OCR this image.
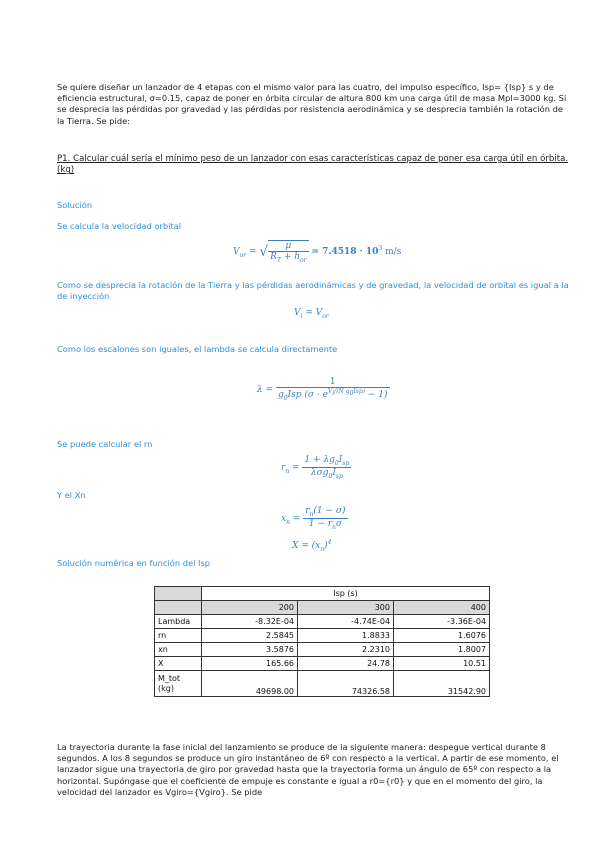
Se quiere diseñar un lanzador de 4 etapas con el mismo valor para las cuatro, del impulso específico, Isp= {Isp} s y de eficiencia estructural, σ=0.15, capaz de poner en órbita circular de altura 800 km una carga útil de masa Mpl=3000 kg. Si se desprecia las pérdidas por gravedad y las pérdidas por resistencia aerodinámica y se desprecia también la rotación de la Tierra. Se pide:
P1. Calcular cuál sería el mínimo peso de un lanzador con esas características capaz de poner esa carga útil en órbita. (kg)
Solución
Se calcula la velocidad orbital
$V_{or}$ = √ $\frac{\mu}{R_T + h_{or}} = 7.4518 \cdot 10^3$ m/s
Como se desprecia la rotación de la Tierra y las pérdidas aerodinámicas y de gravedad, la velocidad de orbital es igual a la de inyección
$V_i = V_{or}$
Como los escalones son iguales, el lambda se calcula directamente
$\lambda = \frac{1}{g_0Isp (\sigma \cdot e^{V_i/(N g_0Isp)} - 1)}$
Se puede calcular el rn
$r_n = \frac{1 + \lambda g_0I_{sp}}{\lambda\sigma g_0I_{sp}}$
Y el Xn
$x_n = \frac{r_n(1 - \sigma)}{1 - r_n\sigma}$
$X = (x_n)^4$
Solución numérica en función del Isp
	Isp (s)		
	200	300	400
Lambda	-8.32E-04	-4.74E-04	-3.36E-04
rn	2.5845	1.8833	1.6076
xn	3.5876	2.2310	1.8007
X	165.66	24.78	10.51
M_tot (kg)	49698.00	74326.58	31542.90
La trayectoria durante la fase inicial del lanzamiento se produce de la siguiente manera: despegue vertical durante 8 segundos. A los 8 segundos se produce un giro instantáneo de 6º con respecto a la vertical. A partir de ese momento, el lanzador sigue una trayectoria de giro por gravedad hasta que la trayectoria forma un ángulo de 65º con respecto a la horizontal. Supóngase que el coeficiente de empuje es constante e igual a r0={r0} y que en el momento del giro, la velocidad del lanzador es Vgiro={Vgiro}. Se pide
